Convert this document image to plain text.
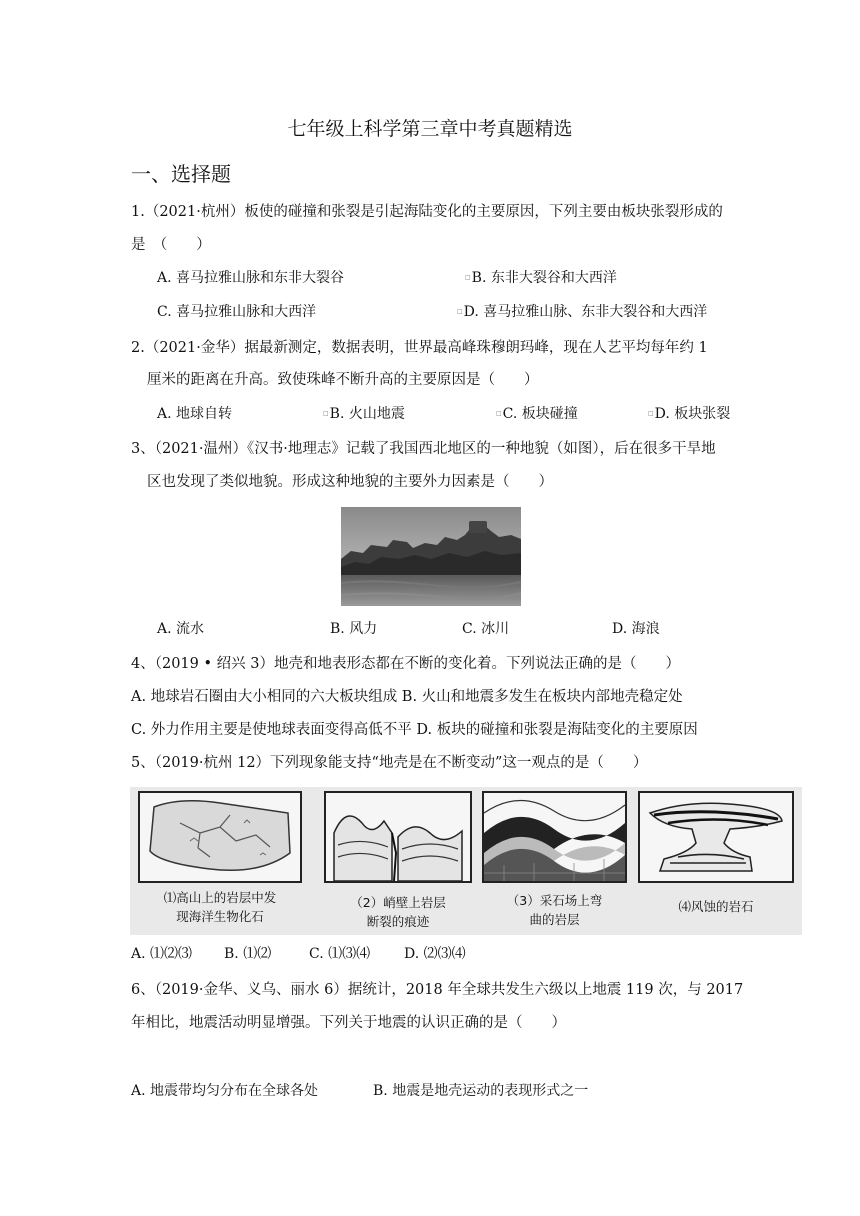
七年级上科学第三章中考真题精选
一、选择题
1.（2021·杭州）板使的碰撞和张裂是引起海陆变化的主要原因，下列主要由板块张裂形成的
是　（　　）
A. 喜马拉雅山脉和东非大裂谷	□B. 东非大裂谷和大西洋
C. 喜马拉雅山脉和大西洋	□D. 喜马拉雅山脉、东非大裂谷和大西洋
2.（2021·金华）据最新测定，数据表明，世界最高峰珠穆朗玛峰，现在人艺平均每年约 1
厘米的距离在升高。致使珠峰不断升高的主要原因是（　　）
A. 地球自转	□B. 火山地震	□C. 板块碰撞	□D. 板块张裂
3、（2021·温州）《汉书·地理志》记载了我国西北地区的一种地貌（如图），后在很多干旱地
区也发现了类似地貌。形成这种地貌的主要外力因素是（　　）
A. 流水	B. 风力	C. 冰川	D. 海浪
4、（2019 • 绍兴 3）地壳和地表形态都在不断的变化着。下列说法正确的是（　　）
A. 地球岩石圈由大小相同的六大板块组成 B. 火山和地震多发生在板块内部地壳稳定处
C. 外力作用主要是使地球表面变得高低不平 D. 板块的碰撞和张裂是海陆变化的主要原因
5、（2019·杭州 12）下列现象能支持“地壳是在不断变动”这一观点的是（　　）
⑴高山上的岩层中发
现海洋生物化石
（2）峭壁上岩层
断裂的痕迹
（3）采石场上弯
曲的岩层
⑷风蚀的岩石
A. ⑴⑵⑶ B. ⑴⑵	C. ⑴⑶⑷ D. ⑵⑶⑷
6、（2019·金华、义乌、丽水 6）据统计，2018 年全球共发生六级以上地震 119 次，与 2017
年相比，地震活动明显增强。下列关于地震的认识正确的是（　　）
A. 地震带均匀分布在全球各处	B. 地震是地壳运动的表现形式之一
